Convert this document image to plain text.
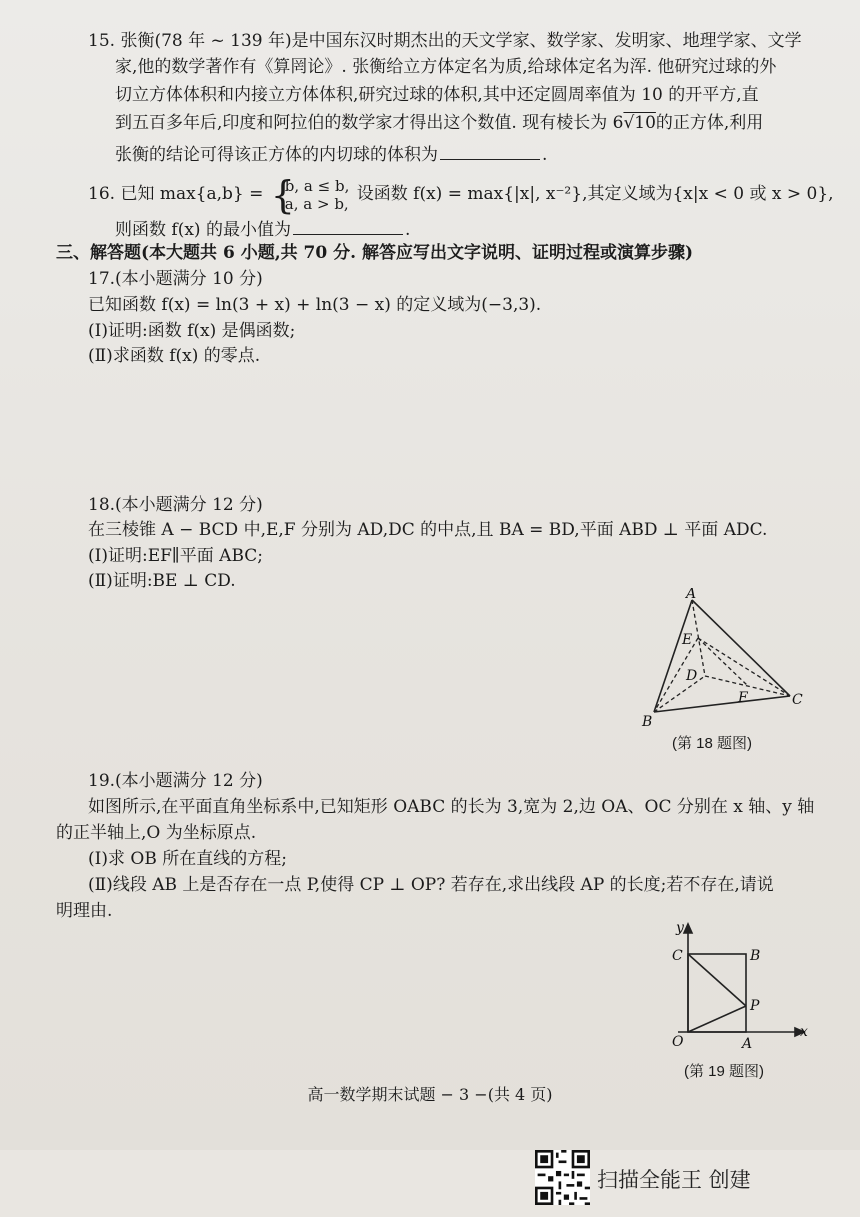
15. 张衡(78 年 ~ 139 年)是中国东汉时期杰出的天文学家、数学家、发明家、地理学家、文学
家,他的数学著作有《算罔论》. 张衡给立方体定名为质,给球体定名为浑. 他研究过球的外
切立方体体积和内接立方体体积,研究过球的体积,其中还定圆周率值为 10 的开平方,直
到五百多年后,印度和阿拉伯的数学家才得出这个数值. 现有棱长为 6√10的正方体,利用
张衡的结论可得该正方体的内切球的体积为	.
16. 已知 max{a,b} = {
b, a ≤ b,
a, a > b, 设函数 f(x) = max{|x|, x⁻²},其定义域为{x|x < 0 或 x > 0},
则函数 f(x) 的最小值为	.
三、解答题(本大题共 6 小题,共 70 分. 解答应写出文字说明、证明过程或演算步骤)
17.(本小题满分 10 分)
已知函数 f(x) = ln(3 + x) + ln(3 − x) 的定义域为(−3,3).
(Ⅰ)证明:函数 f(x) 是偶函数;
(Ⅱ)求函数 f(x) 的零点.
18.(本小题满分 12 分)
在三棱锥 A − BCD 中,E,F 分别为 AD,DC 的中点,且 BA = BD,平面 ABD ⊥ 平面 ADC.
(Ⅰ)证明:EF∥平面 ABC;
(Ⅱ)证明:BE ⊥ CD.
A
E
D
F
B
C
(第 18 题图)
19.(本小题满分 12 分)
如图所示,在平面直角坐标系中,已知矩形 OABC 的长为 3,宽为 2,边 OA、OC 分别在 x 轴、y 轴
的正半轴上,O 为坐标原点.
(Ⅰ)求 OB 所在直线的方程;
(Ⅱ)线段 AB 上是否存在一点 P,使得 CP ⊥ OP? 若存在,求出线段 AP 的长度;若不存在,请说
明理由.
y
C	B
P
O	A
x
(第 19 题图)
高一数学期末试题 − 3 −(共 4 页)
扫描全能王 创建
